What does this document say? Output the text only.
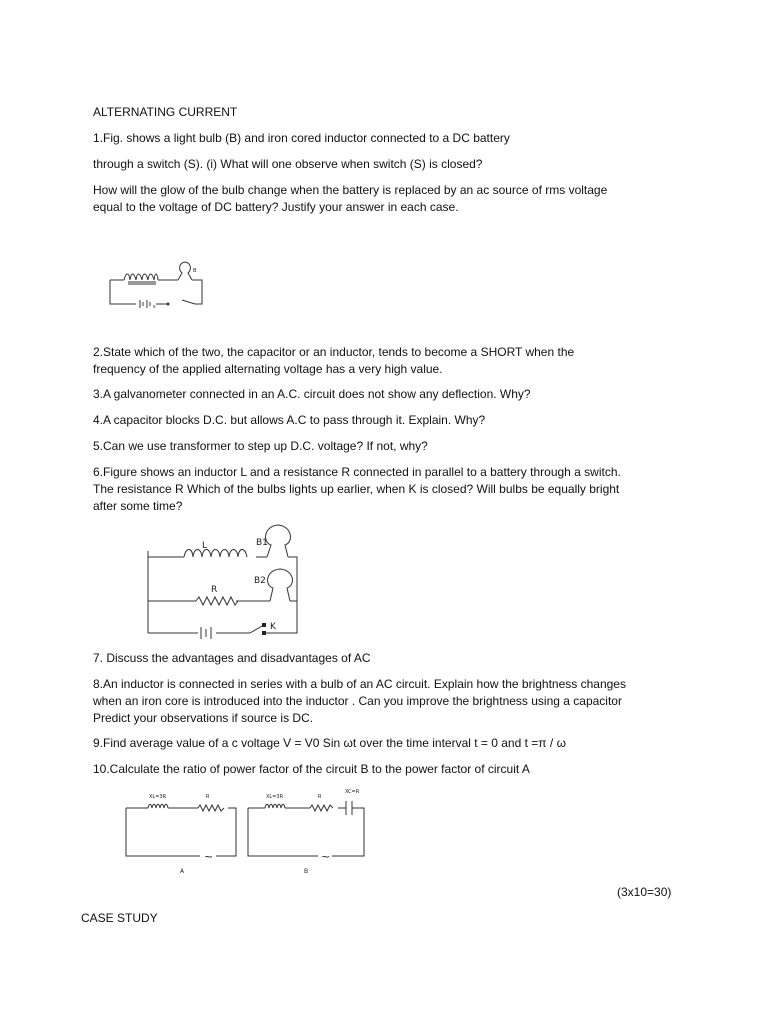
ALTERNATING CURRENT

1.Fig. shows a light bulb (B) and iron cored inductor connected to a DC battery

through a switch (S). (i) What will one observe when switch (S) is closed?

How will the glow of the bulb change when the battery is replaced by an ac source of rms voltage

equal to the voltage of DC battery? Justify your answer in each case.

B
s

2.State which of the two, the capacitor or an inductor, tends to become a SHORT when the

frequency of the applied alternating voltage has a very high value.

3.A galvanometer connected in an A.C. circuit does not show any deflection. Why?

4.A capacitor blocks D.C. but allows A.C to pass through it. Explain. Why?

5.Can we use transformer to step up D.C. voltage? If not, why?

6.Figure shows an inductor L and a resistance R connected in parallel to a battery through a switch.

The resistance R Which of the bulbs lights up earlier, when K is closed? Will bulbs be equally bright

after some time?

L
R
B1
B2
K

7. Discuss the advantages and disadvantages of AC

8.An inductor is connected in series with a bulb of an AC circuit. Explain how the brightness changes

when an iron core is introduced into the inductor . Can you improve the brightness using a capacitor

Predict your observations if source is DC.

9.Find average value of a c voltage V = V0 Sin ωt over the time interval t = 0 and t =π / ω

10.Calculate the ratio of power factor of the circuit B to the power factor of circuit A

XL=3R	R	XL=3R	R
XC=R
~	~
A	B

(3x10=30)

CASE STUDY
